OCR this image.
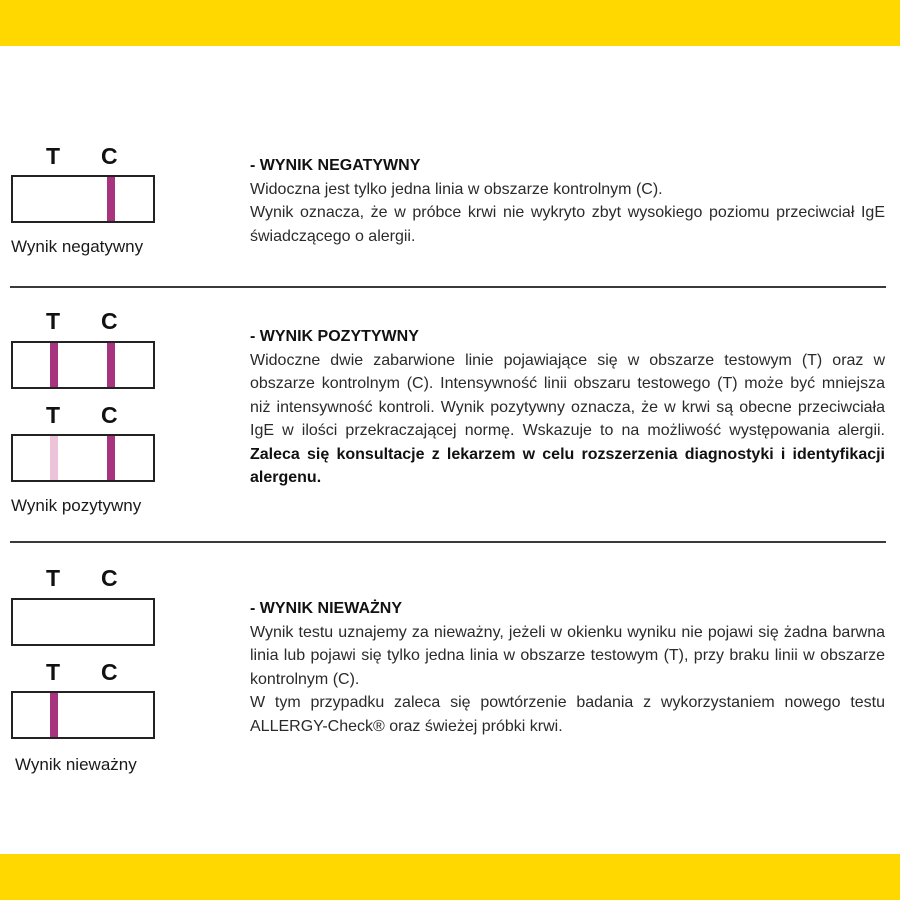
T C
Wynik negatywny

- WYNIK NEGATYWNY

Widoczna jest tylko jedna linia w obszarze kontrolnym (C).

Wynik oznacza, że w próbce krwi nie wykryto zbyt wysokiego poziomu przeciwciał IgE świadczącego o alergii.

T C
T C
Wynik pozytywny

- WYNIK POZYTYWNY

Widoczne dwie zabarwione linie pojawiające się w obszarze testowym (T) oraz w obszarze kontrolnym (C). Intensywność linii obszaru testowego (T) może być mniejsza niż intensywność kontroli. Wynik pozytywny oznacza, że w krwi są obecne przeciwciała IgE w ilości przekraczającej normę. Wskazuje to na możliwość występowania alergii. Zaleca się konsultacje z lekarzem w celu rozszerzenia diagnostyki i identyfikacji alergenu.

T C
T C
Wynik nieważny

- WYNIK NIEWAŻNY

Wynik testu uznajemy za nieważny, jeżeli w okienku wyniku nie pojawi się żadna barwna linia lub pojawi się tylko jedna linia w obszarze testowym (T), przy braku linii w obszarze kontrolnym (C).

W tym przypadku zaleca się powtórzenie badania z wykorzystaniem nowego testu ALLERGY-Check® oraz świeżej próbki krwi.
